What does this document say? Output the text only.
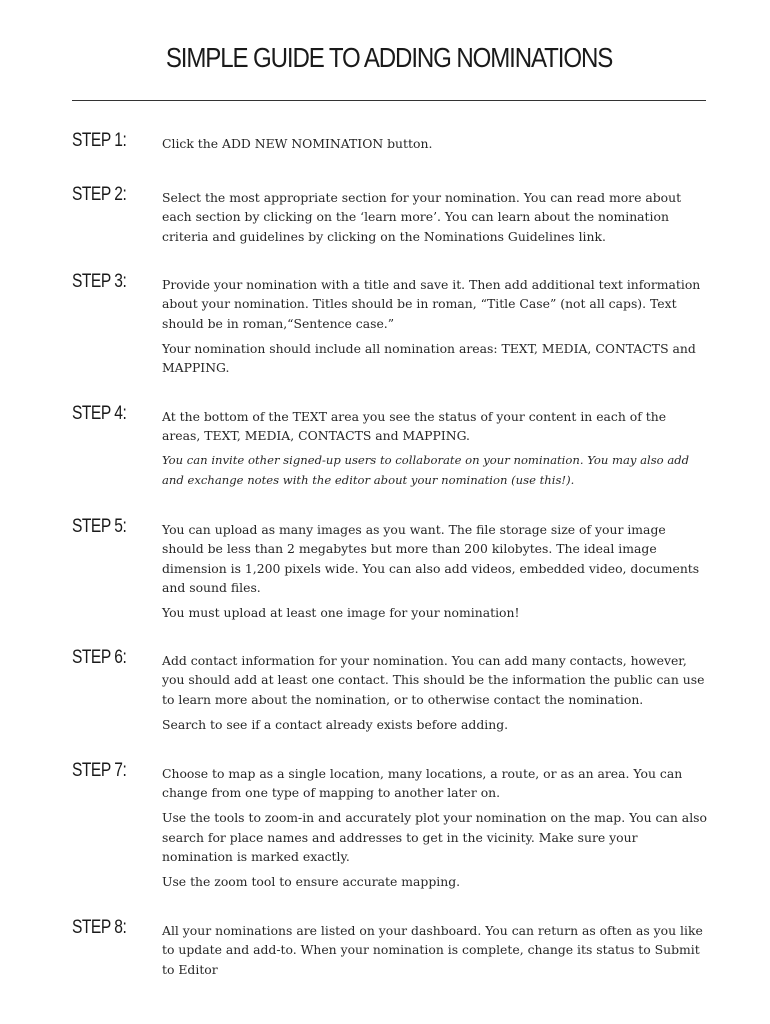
SIMPLE GUIDE TO ADDING NOMINATIONS
STEP 1:	Click the ADD NEW NOMINATION button.

STEP 2:	Select the most appropriate section for your nomination. You can read more about each section by clicking on the ‘learn more’. You can learn about the nomination criteria and guidelines by clicking on the Nominations Guidelines link.

STEP 3:	Provide your nomination with a title and save it. Then add additional text information about your nomination. Titles should be in roman, “Title Case” (not all caps). Text should be in roman,“Sentence case.”

Your nomination should include all nomination areas: TEXT, MEDIA, CONTACTS and MAPPING.

STEP 4:	At the bottom of the TEXT area you see the status of your content in each of the areas, TEXT, MEDIA, CONTACTS and MAPPING.

You can invite other signed-up users to collaborate on your nomination. You may also add and exchange notes with the editor about your nomination (use this!).

STEP 5:	You can upload as many images as you want. The file storage size of your image should be less than 2 megabytes but more than 200 kilobytes. The ideal image dimension is 1,200 pixels wide. You can also add videos, embedded video, documents and sound files.

You must upload at least one image for your nomination!

STEP 6:	Add contact information for your nomination. You can add many contacts, however, you should add at least one contact. This should be the information the public can use to learn more about the nomination, or to otherwise contact the nomination.

Search to see if a contact already exists before adding.

STEP 7:	Choose to map as a single location, many locations, a route, or as an area. You can change from one type of mapping to another later on.

Use the tools to zoom-in and accurately plot your nomination on the map. You can also search for place names and addresses to get in the vicinity. Make sure your nomination is marked exactly.

Use the zoom tool to ensure accurate mapping.

STEP 8:	All your nominations are listed on your dashboard. You can return as often as you like to update and add-to. When your nomination is complete, change its status to Submit to Editor
